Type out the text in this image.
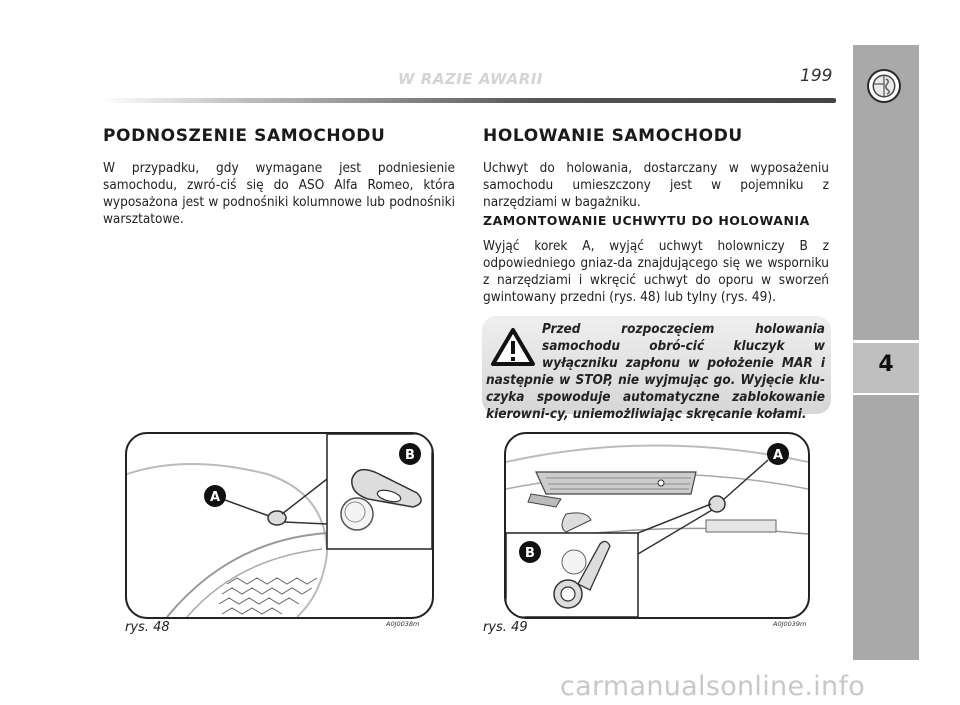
W RAZIE AWARII	199
4
PODNOSZENIE SAMOCHODU
W przypadku, gdy wymagane jest podniesienie samochodu, zwró-ciś się do ASO Alfa Romeo, która wyposażona jest w podnośniki kolumnowe lub podnośniki warsztatowe.
HOLOWANIE SAMOCHODU
Uchwyt do holowania, dostarczany w wyposażeniu samochodu umieszczony jest w pojemniku z narzędziami w bagażniku.
ZAMONTOWANIE UCHWYTU DO HOLOWANIA
Wyjąć korek A, wyjąć uchwyt holowniczy B z odpowiedniego gniaz-da znajdującego się we wsporniku z narzędziami i wkręcić uchwyt do oporu w sworzeń gwintowany przedni (rys. 48) lub tylny (rys. 49).
Przed rozpoczęciem holowania samochodu obró-cić kluczyk w wyłączniku zapłonu w położenie MAR i następnie w STOP, nie wyjmując go. Wyjęcie klu-czyka spowoduje automatyczne zablokowanie kierowni-cy, uniemożliwiając skręcanie kołami.
A
B
rys. 48	A0J0038m
A
B
rys. 49	A0J0039m
carmanualsonline.info
